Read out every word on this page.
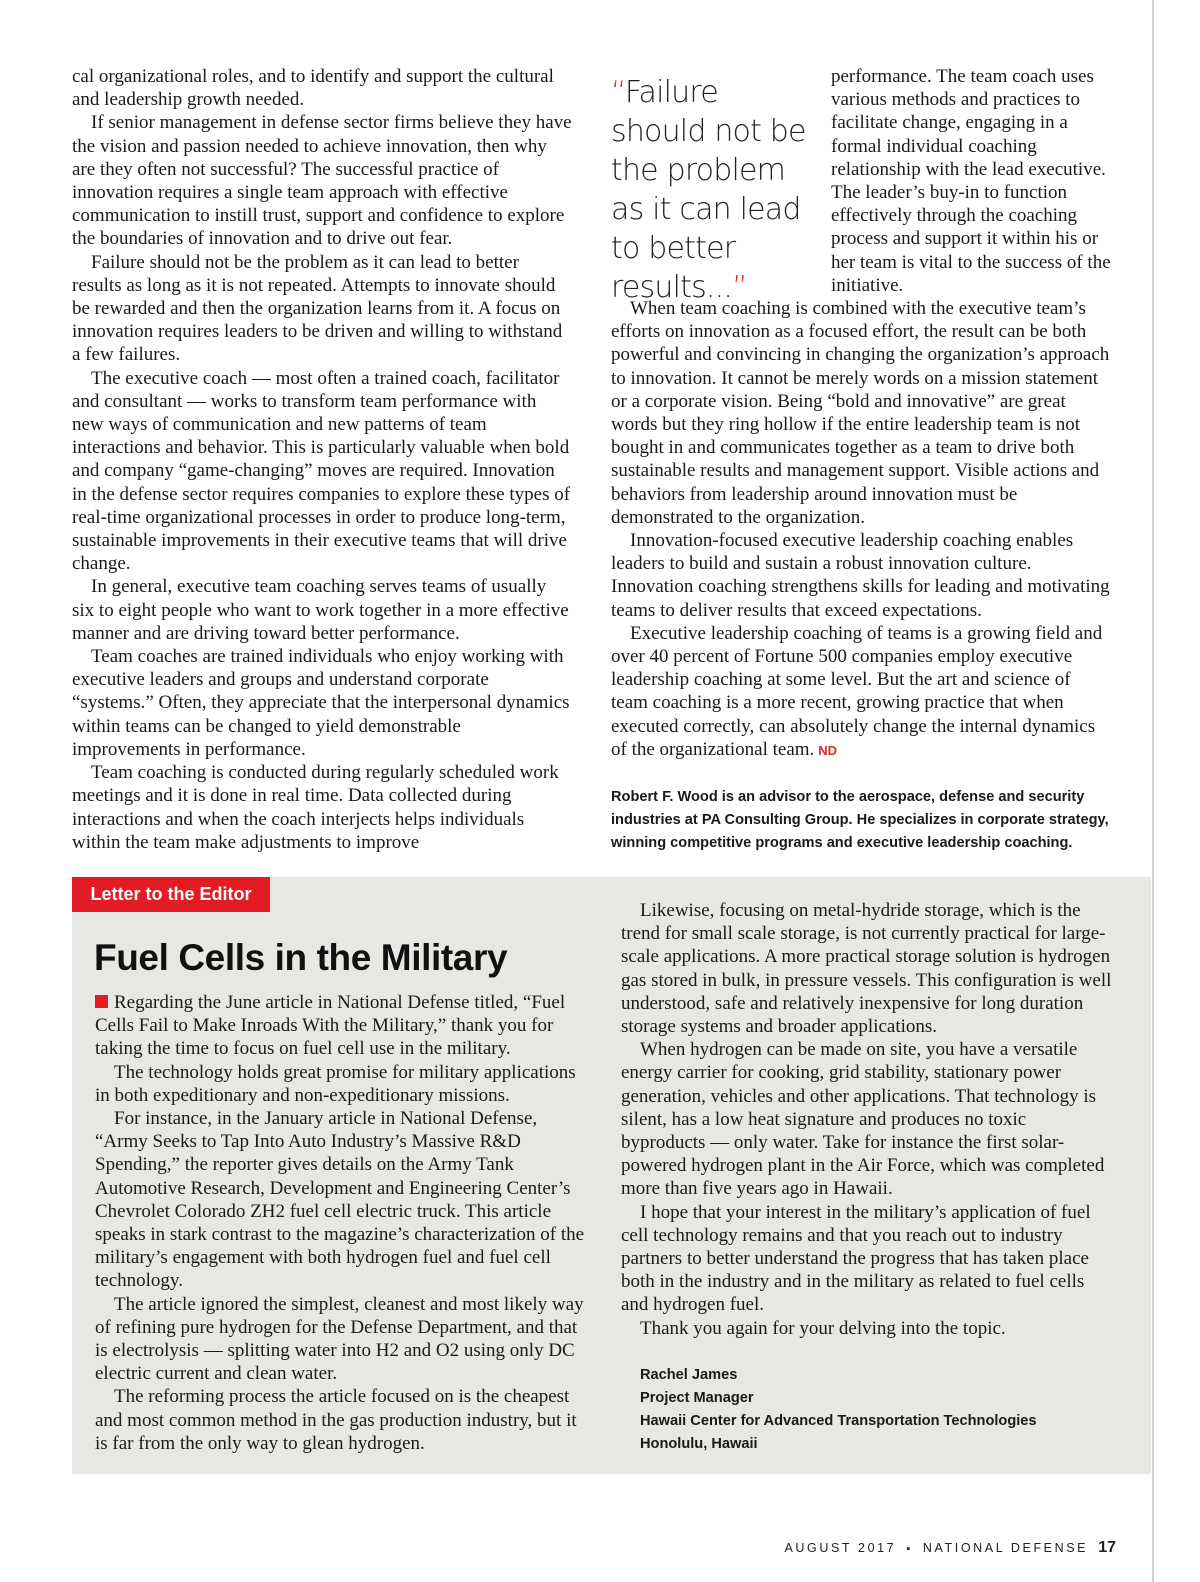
cal organizational roles, and to identify and support the cultural and leadership growth needed.

If senior management in defense sector firms believe they have the vision and passion needed to achieve innovation, then why are they often not successful? The successful practice of innovation requires a single team approach with effective communication to instill trust, support and confidence to explore the boundaries of innovation and to drive out fear.

Failure should not be the problem as it can lead to better results as long as it is not repeated. Attempts to innovate should be rewarded and then the organization learns from it. A focus on innovation requires leaders to be driven and willing to withstand a few failures.

The executive coach — most often a trained coach, facilitator and consultant — works to transform team performance with new ways of communication and new patterns of team interactions and behavior. This is particularly valuable when bold and company “game-changing” moves are required. Innovation in the defense sector requires companies to explore these types of real-time organizational processes in order to produce long-term, sustainable improvements in their executive teams that will drive change.

In general, executive team coaching serves teams of usually six to eight people who want to work together in a more effective manner and are driving toward better performance.

Team coaches are trained individuals who enjoy working with executive leaders and groups and understand corporate “systems.” Often, they appreciate that the interpersonal dynamics within teams can be changed to yield demonstrable improvements in performance.

Team coaching is conducted during regularly scheduled work meetings and it is done in real time. Data collected during interactions and when the coach interjects helps individuals within the team make adjustments to improve

“Failure should not be the problem as it can lead to better results...”

performance. The team coach uses various methods and practices to facilitate change, engaging in a formal individual coaching relationship with the lead executive. The leader’s buy-in to function effectively through the coaching process and support it within his or her team is vital to the success of the initiative.

When team coaching is combined with the executive team’s efforts on innovation as a focused effort, the result can be both powerful and convincing in changing the organization’s approach to innovation. It cannot be merely words on a mission statement or a corporate vision. Being “bold and innovative” are great words but they ring hollow if the entire leadership team is not bought in and communicates together as a team to drive both sustainable results and management support. Visible actions and behaviors from leadership around innovation must be demonstrated to the organization.

Innovation-focused executive leadership coaching enables leaders to build and sustain a robust innovation culture. Innovation coaching strengthens skills for leading and motivating teams to deliver results that exceed expectations.

Executive leadership coaching of teams is a growing field and over 40 percent of Fortune 500 companies employ executive leadership coaching at some level. But the art and science of team coaching is a more recent, growing practice that when executed correctly, can absolutely change the internal dynamics of the organizational team. ND

Robert F. Wood is an advisor to the aerospace, defense and security industries at PA Consulting Group. He specializes in corporate strategy, winning competitive programs and executive leadership coaching.
Letter to the Editor
Fuel Cells in the Military

Regarding the June article in National Defense titled, “Fuel Cells Fail to Make Inroads With the Military,” thank you for taking the time to focus on fuel cell use in the military.

The technology holds great promise for military applications in both expeditionary and non-expeditionary missions.

For instance, in the January article in National Defense, “Army Seeks to Tap Into Auto Industry’s Massive R&D Spending,” the reporter gives details on the Army Tank Automotive Research, Development and Engineering Center’s Chevrolet Colorado ZH2 fuel cell electric truck. This article speaks in stark contrast to the magazine’s characterization of the military’s engagement with both hydrogen fuel and fuel cell technology.

The article ignored the simplest, cleanest and most likely way of refining pure hydrogen for the Defense Department, and that is electrolysis — splitting water into H2 and O2 using only DC electric current and clean water.

The reforming process the article focused on is the cheapest and most common method in the gas production industry, but it is far from the only way to glean hydrogen.

Likewise, focusing on metal-hydride storage, which is the trend for small scale storage, is not currently practical for large-scale applications. A more practical storage solution is hydrogen gas stored in bulk, in pressure vessels. This configuration is well understood, safe and relatively inexpensive for long duration storage systems and broader applications.

When hydrogen can be made on site, you have a versatile energy carrier for cooking, grid stability, stationary power generation, vehicles and other applications. That technology is silent, has a low heat signature and produces no toxic byproducts — only water. Take for instance the first solar-powered hydrogen plant in the Air Force, which was completed more than five years ago in Hawaii.

I hope that your interest in the military’s application of fuel cell technology remains and that you reach out to industry partners to better understand the progress that has taken place both in the industry and in the military as related to fuel cells and hydrogen fuel.

Thank you again for your delving into the topic.

Rachel James
Project Manager
Hawaii Center for Advanced Transportation Technologies
Honolulu, Hawaii
AUGUST 2017 ▪ NATIONAL DEFENSE 17
